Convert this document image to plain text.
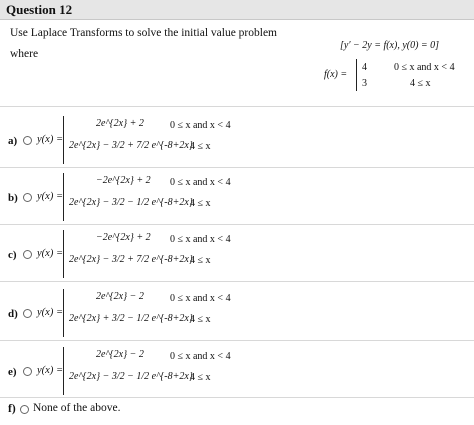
Question 12
Use Laplace Transforms to solve the initial value problem
[y′ − 2y = f(x), y(0) = 0]
where
f(x) =
4	0 ≤ x and x < 4
3	4 ≤ x
a) y(x) =
2e^{2x} + 2
2e^{2x} − 3/2 + 7/2 e^{-8+2x}
0 ≤ x and x < 4
4 ≤ x
b) y(x) =
−2e^{2x} + 2
2e^{2x} − 3/2 − 1/2 e^{-8+2x}
0 ≤ x and x < 4
4 ≤ x
c) y(x) =
−2e^{2x} + 2
2e^{2x} − 3/2 + 7/2 e^{-8+2x}
0 ≤ x and x < 4
4 ≤ x
d) y(x) =
2e^{2x} − 2
2e^{2x} + 3/2 − 1/2 e^{-8+2x}
0 ≤ x and x < 4
4 ≤ x
e) y(x) =
2e^{2x} − 2
2e^{2x} − 3/2 − 1/2 e^{-8+2x}
0 ≤ x and x < 4
4 ≤ x
f) None of the above.
